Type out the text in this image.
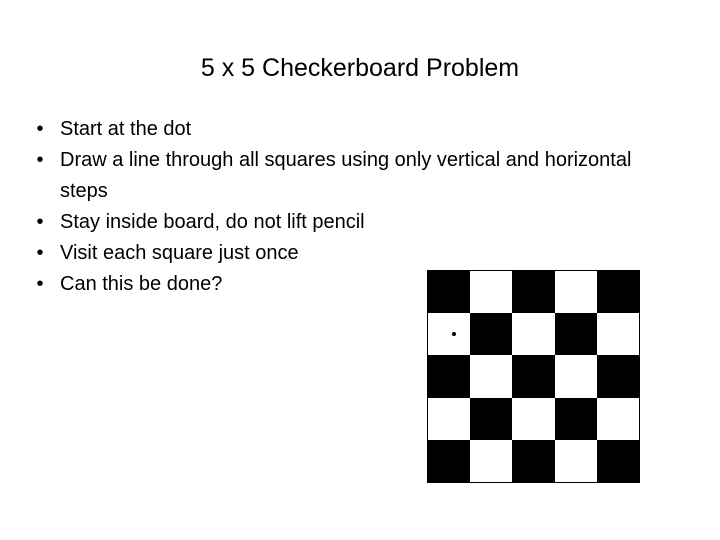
5 x 5 Checkerboard Problem
• Start at the dot
• Draw a line through all squares using only vertical and horizontal steps
• Stay inside board, do not lift pencil
• Visit each square just once
• Can this be done?
